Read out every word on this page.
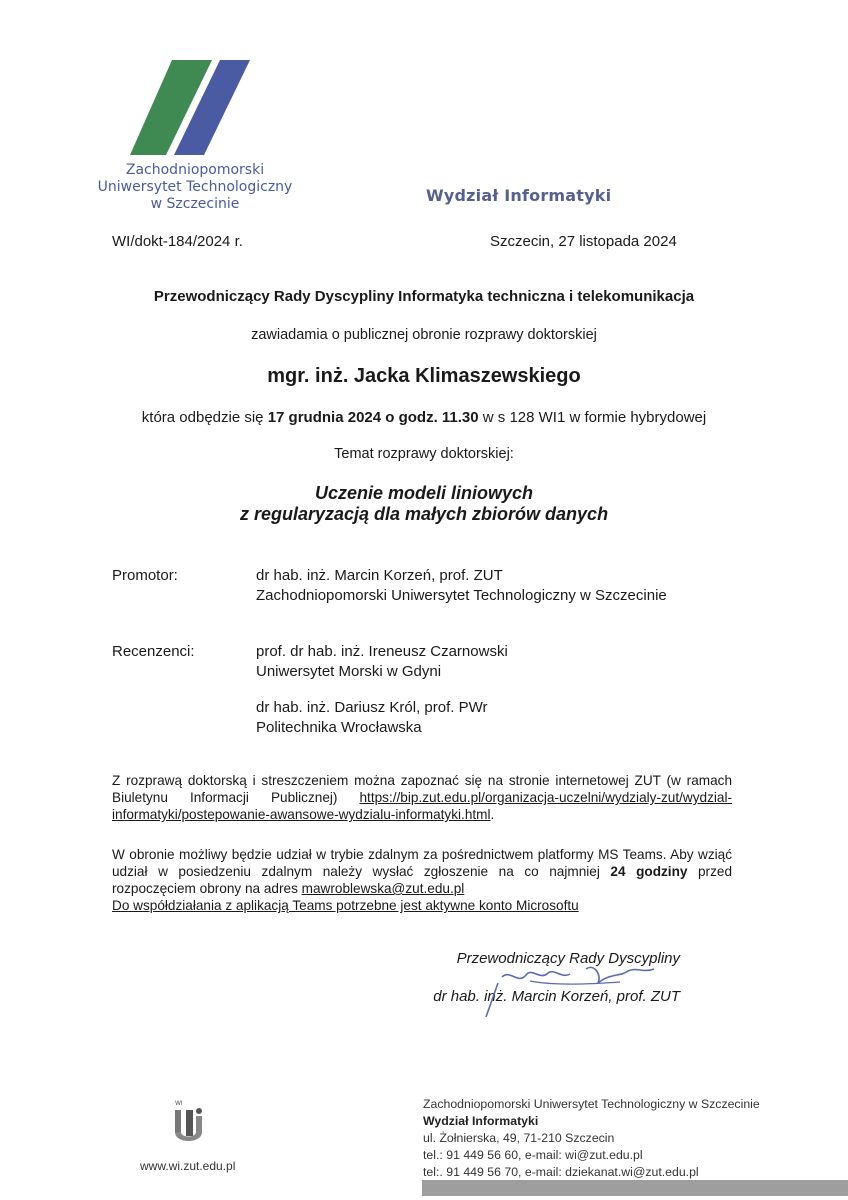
Zachodniopomorski
Uniwersytet Technologiczny
w Szczecinie	Wydział Informatyki
WI/dokt-184/2024 r.	Szczecin, 27 listopada 2024
Przewodniczący Rady Dyscypliny Informatyka techniczna i telekomunikacja
zawiadamia o publicznej obronie rozprawy doktorskiej
mgr. inż. Jacka Klimaszewskiego
która odbędzie się 17 grudnia 2024 o godz. 11.30 w s 128 WI1 w formie hybrydowej
Temat rozprawy doktorskiej:
Uczenie modeli liniowych
z regularyzacją dla małych zbiorów danych
Promotor:	dr hab. inż. Marcin Korzeń, prof. ZUT
Zachodniopomorski Uniwersytet Technologiczny w Szczecinie
Recenzenci:	prof. dr hab. inż. Ireneusz Czarnowski
Uniwersytet Morski w Gdyni
dr hab. inż. Dariusz Król, prof. PWr
Politechnika Wrocławska
Z rozprawą doktorską i streszczeniem można zapoznać się na stronie internetowej ZUT (w ramach Biuletynu Informacji Publicznej) https://bip.zut.edu.pl/organizacja-uczelni/wydzialy-zut/wydzial-informatyki/postepowanie-awansowe-wydzialu-informatyki.html.
W obronie możliwy będzie udział w trybie zdalnym za pośrednictwem platformy MS Teams. Aby wziąć udział w posiedzeniu zdalnym należy wysłać zgłoszenie na co najmniej 24 godziny przed rozpoczęciem obrony na adres mawroblewska@zut.edu.pl
Do współdziałania z aplikacją Teams potrzebne jest aktywne konto Microsoftu
Przewodniczący Rady Dyscypliny
dr hab. inż. Marcin Korzeń, prof. ZUT
WI
www.wi.zut.edu.pl
Zachodniopomorski Uniwersytet Technologiczny w Szczecinie
Wydział Informatyki
ul. Żołnierska, 49, 71-210 Szczecin
tel.: 91 449 56 60, e-mail: wi@zut.edu.pl
tel:. 91 449 56 70, e-mail: dziekanat.wi@zut.edu.pl
